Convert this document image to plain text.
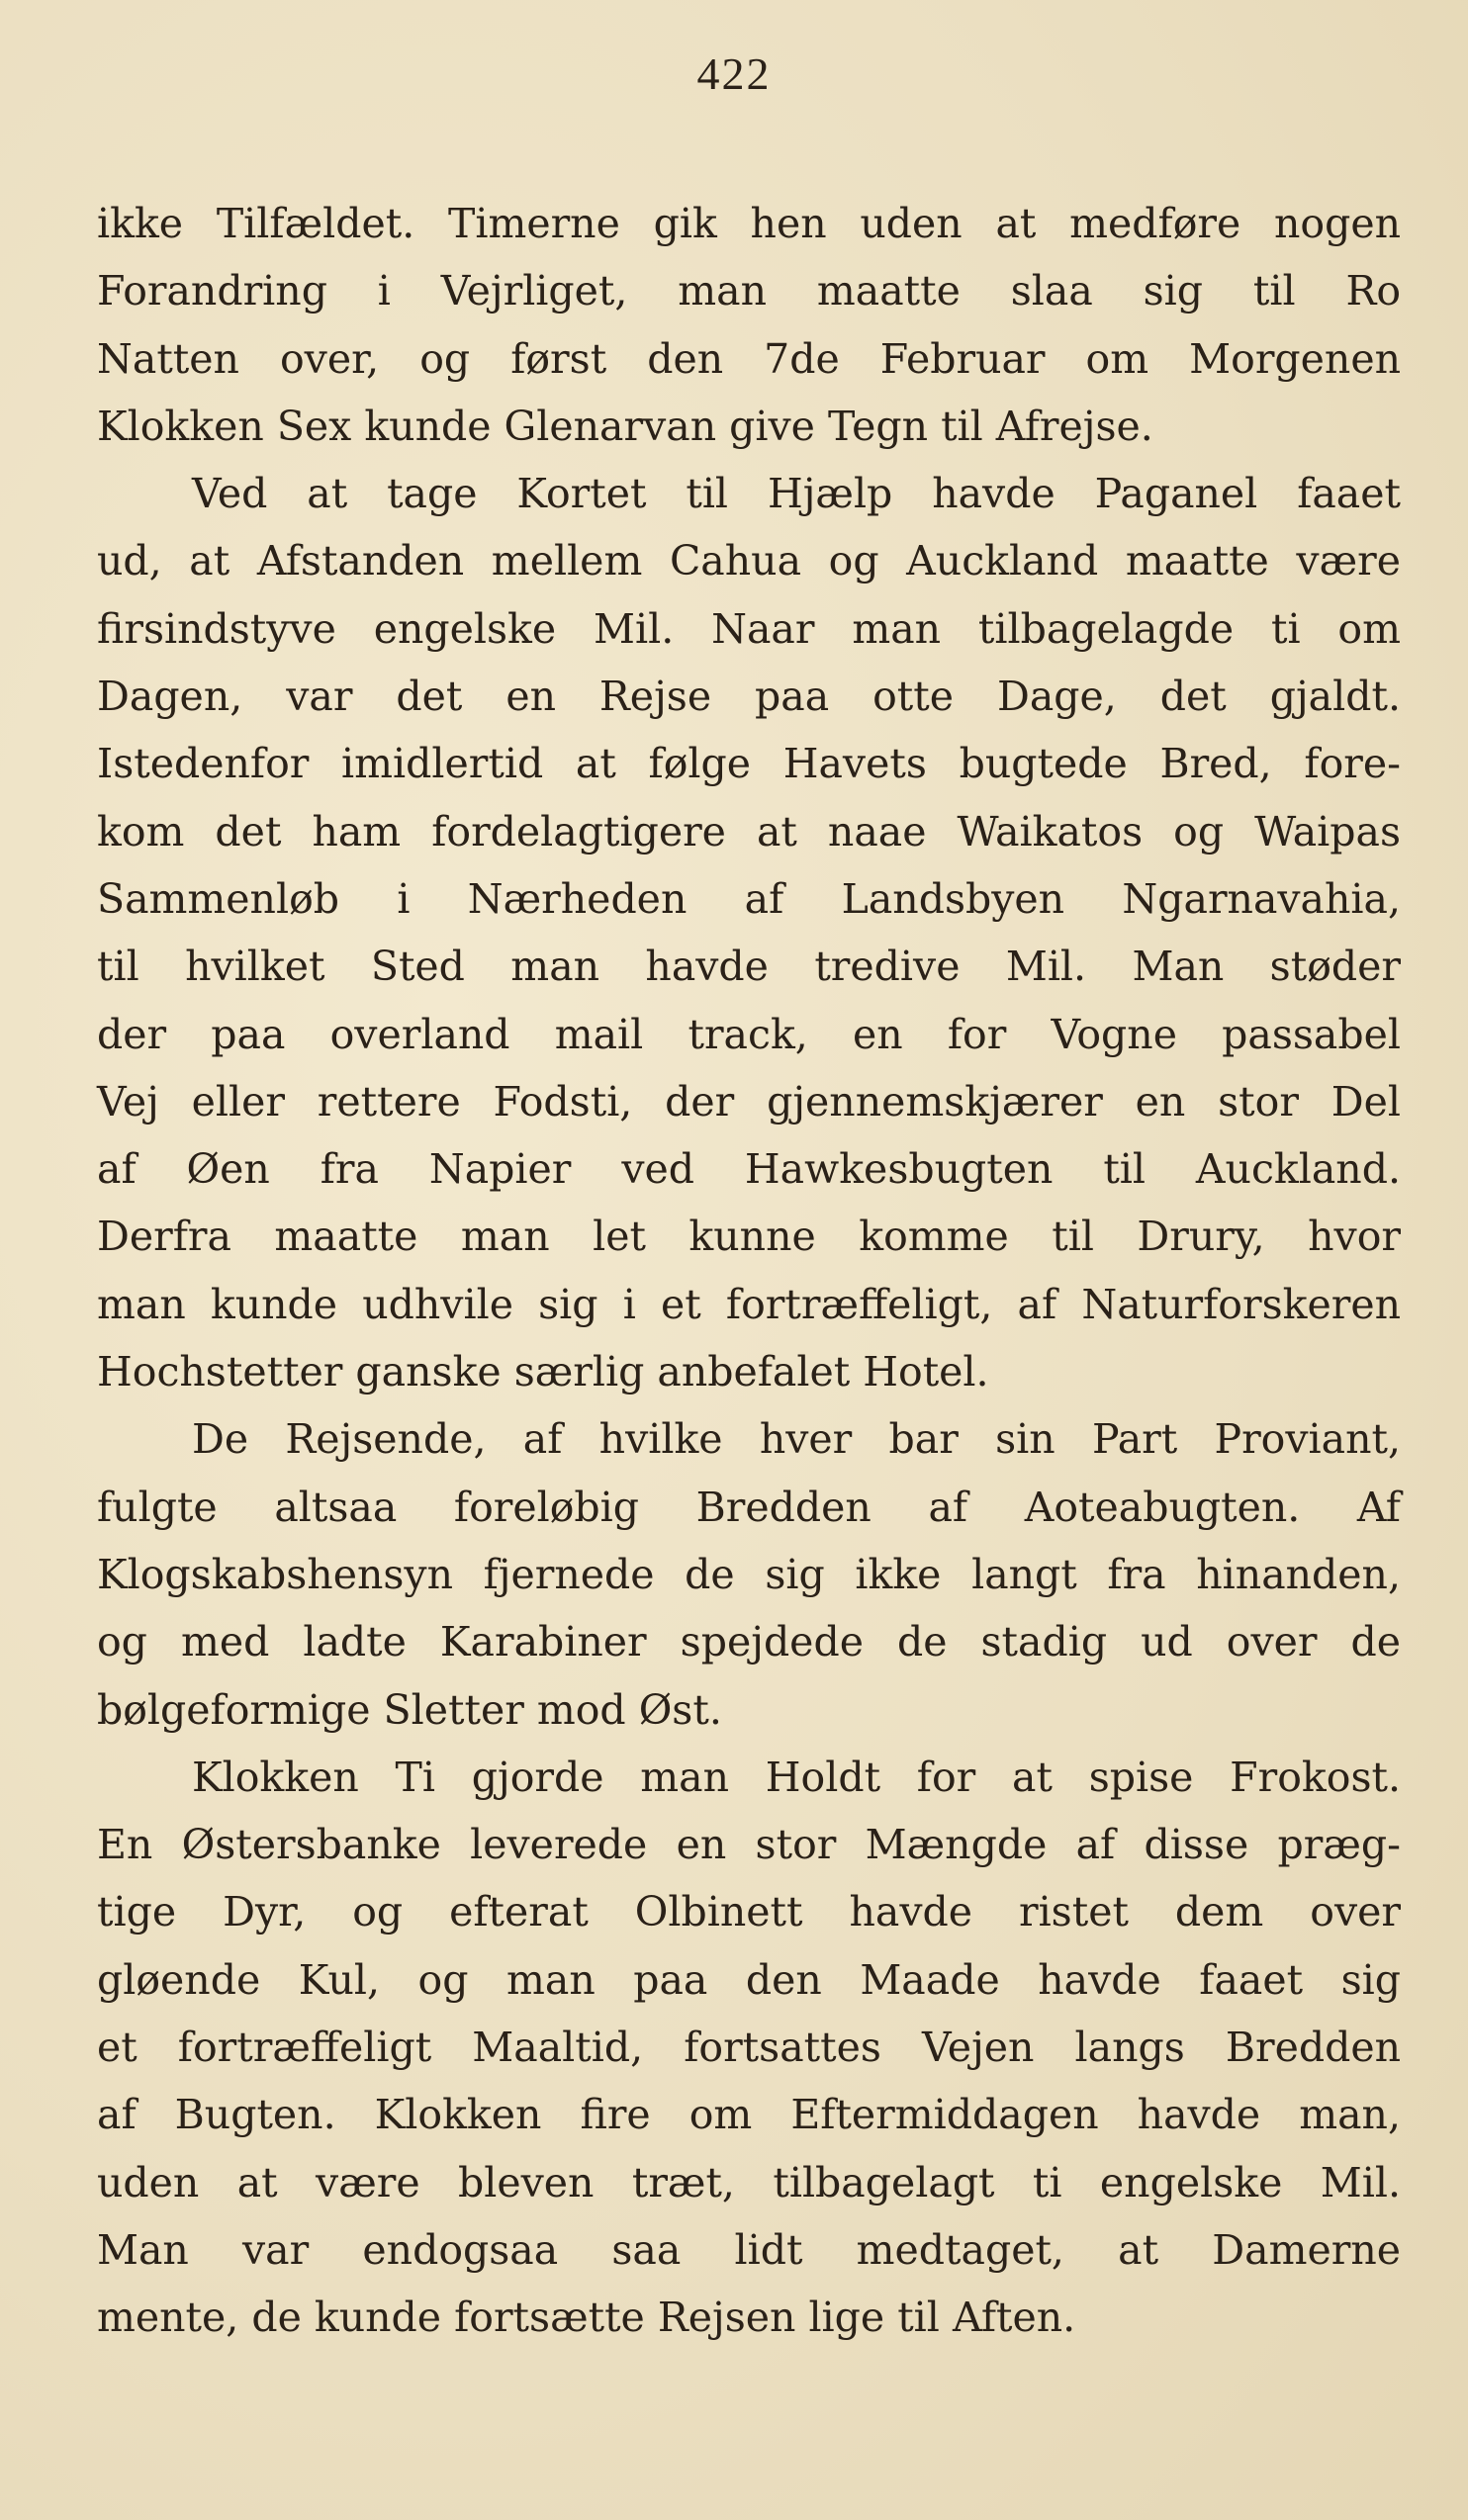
422
ikke Tilfældet. Timerne gik hen uden at medføre nogen
Forandring i Vejrliget, man maatte slaa sig til Ro
Natten over, og først den 7de Februar om Morgenen
Klokken Sex kunde Glenarvan give Tegn til Afrejse.
Ved at tage Kortet til Hjælp havde Paganel faaet
ud, at Afstanden mellem Cahua og Auckland maatte være
firsindstyve engelske Mil. Naar man tilbagelagde ti om
Dagen, var det en Rejse paa otte Dage, det gjaldt.
Istedenfor imidlertid at følge Havets bugtede Bred, fore-
kom det ham fordelagtigere at naae Waikatos og Waipas
Sammenløb i Nærheden af Landsbyen Ngarnavahia,
til hvilket Sted man havde tredive Mil. Man støder
der paa overland mail track, en for Vogne passabel
Vej eller rettere Fodsti, der gjennemskjærer en stor Del
af Øen fra Napier ved Hawkesbugten til Auckland.
Derfra maatte man let kunne komme til Drury, hvor
man kunde udhvile sig i et fortræffeligt, af Naturforskeren
Hochstetter ganske særlig anbefalet Hotel.
De Rejsende, af hvilke hver bar sin Part Proviant,
fulgte altsaa foreløbig Bredden af Aoteabugten. Af
Klogskabshensyn fjernede de sig ikke langt fra hinanden,
og med ladte Karabiner spejdede de stadig ud over de
bølgeformige Sletter mod Øst.
Klokken Ti gjorde man Holdt for at spise Frokost.
En Østersbanke leverede en stor Mængde af disse præg-
tige Dyr, og efterat Olbinett havde ristet dem over
gløende Kul, og man paa den Maade havde faaet sig
et fortræffeligt Maaltid, fortsattes Vejen langs Bredden
af Bugten. Klokken fire om Eftermiddagen havde man,
uden at være bleven træt, tilbagelagt ti engelske Mil.
Man var endogsaa saa lidt medtaget, at Damerne
mente, de kunde fortsætte Rejsen lige til Aften.
